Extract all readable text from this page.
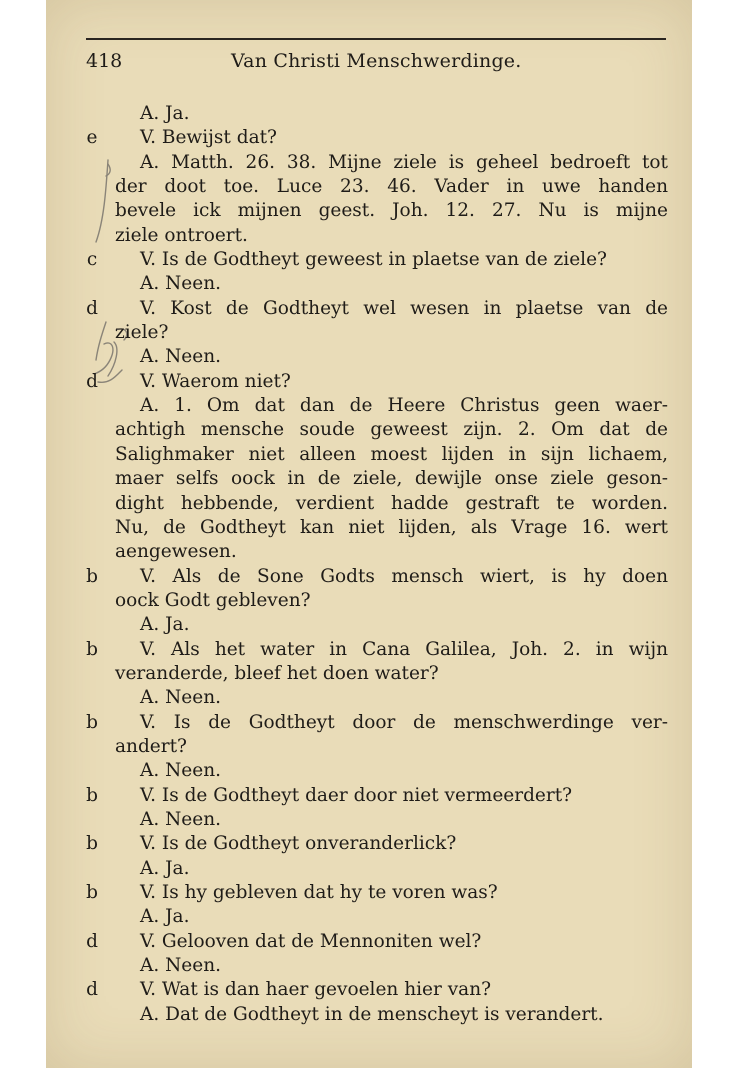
418	Van Christi Menschwerdinge.
A. Ja.
e	V. Bewijst dat?
A. Matth. 26. 38. Mijne ziele is geheel bedroeft tot
der doot toe. Luce 23. 46. Vader in uwe handen
bevele ick mijnen geest. Joh. 12. 27. Nu is mijne
ziele ontroert.
c	V. Is de Godtheyt geweest in plaetse van de ziele?
A. Neen.
d	V. Kost de Godtheyt wel wesen in plaetse van de
ziele?
A. Neen.
d	V. Waerom niet?
A. 1. Om dat dan de Heere Christus geen waer-
achtigh mensche soude geweest zijn. 2. Om dat de
Salighmaker niet alleen moest lijden in sijn lichaem,
maer selfs oock in de ziele, dewijle onse ziele geson-
dight hebbende, verdient hadde gestraft te worden.
Nu, de Godtheyt kan niet lijden, als Vrage 16. wert
aengewesen.
b	V. Als de Sone Godts mensch wiert, is hy doen
oock Godt gebleven?
A. Ja.
b	V. Als het water in Cana Galilea, Joh. 2. in wijn
veranderde, bleef het doen water?
A. Neen.
b	V. Is de Godtheyt door de menschwerdinge ver-
andert?
A. Neen.
b	V. Is de Godtheyt daer door niet vermeerdert?
A. Neen.
b	V. Is de Godtheyt onveranderlick?
A. Ja.
b	V. Is hy gebleven dat hy te voren was?
A. Ja.
d	V. Gelooven dat de Mennoniten wel?
A. Neen.
d	V. Wat is dan haer gevoelen hier van?
A. Dat de Godtheyt in de menscheyt is verandert.
